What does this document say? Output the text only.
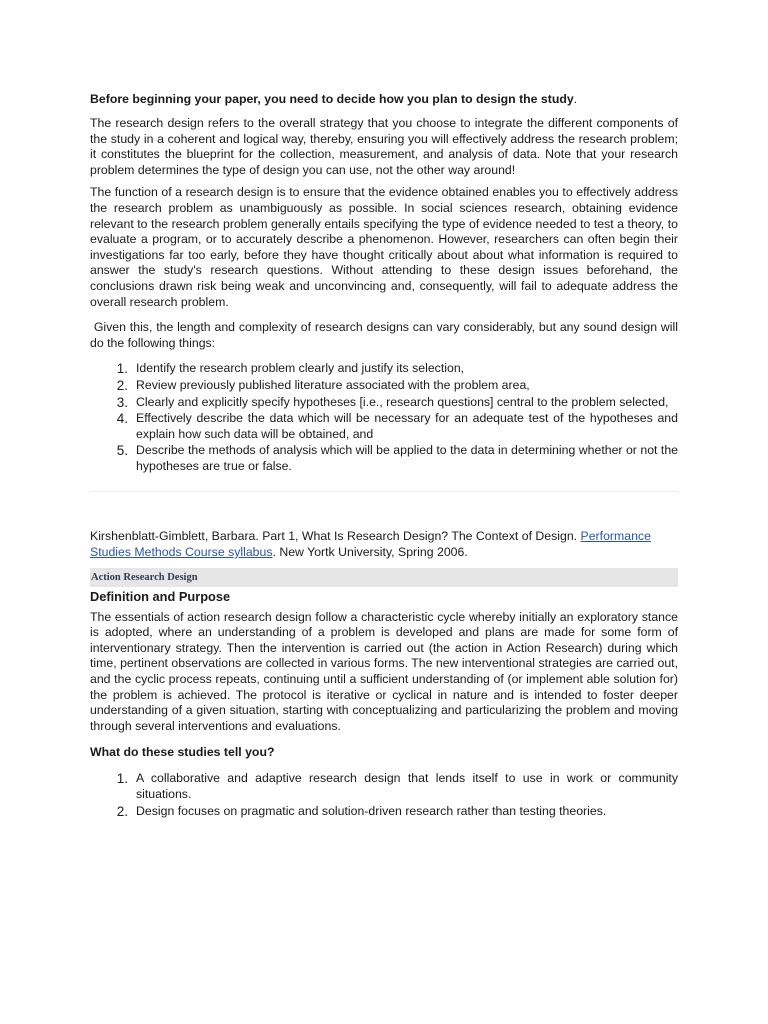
Before beginning your paper, you need to decide how you plan to design the study.

The research design refers to the overall strategy that you choose to integrate the different components of the study in a coherent and logical way, thereby, ensuring you will effectively address the research problem; it constitutes the blueprint for the collection, measurement, and analysis of data. Note that your research problem determines the type of design you can use, not the other way around!

The function of a research design is to ensure that the evidence obtained enables you to effectively address the research problem as unambiguously as possible. In social sciences research, obtaining evidence relevant to the research problem generally entails specifying the type of evidence needed to test a theory, to evaluate a program, or to accurately describe a phenomenon. However, researchers can often begin their investigations far too early, before they have thought critically about about what information is required to answer the study's research questions. Without attending to these design issues beforehand, the conclusions drawn risk being weak and unconvincing and, consequently, will fail to adequate address the overall research problem.

Given this, the length and complexity of research designs can vary considerably, but any sound design will do the following things:

1. Identify the research problem clearly and justify its selection,
2. Review previously published literature associated with the problem area,
3. Clearly and explicitly specify hypotheses [i.e., research questions] central to the problem selected,
4. Effectively describe the data which will be necessary for an adequate test of the hypotheses and explain how such data will be obtained, and
5. Describe the methods of analysis which will be applied to the data in determining whether or not the hypotheses are true or false.

Kirshenblatt-Gimblett, Barbara. Part 1, What Is Research Design? The Context of Design. Performance Studies Methods Course syllabus. New Yortk University, Spring 2006.

Action Research Design
Definition and Purpose

The essentials of action research design follow a characteristic cycle whereby initially an exploratory stance is adopted, where an understanding of a problem is developed and plans are made for some form of interventionary strategy. Then the intervention is carried out (the action in Action Research) during which time, pertinent observations are collected in various forms. The new interventional strategies are carried out, and the cyclic process repeats, continuing until a sufficient understanding of (or implement able solution for) the problem is achieved. The protocol is iterative or cyclical in nature and is intended to foster deeper understanding of a given situation, starting with conceptualizing and particularizing the problem and moving through several interventions and evaluations.

What do these studies tell you?
1. A collaborative and adaptive research design that lends itself to use in work or community situations.
2. Design focuses on pragmatic and solution-driven research rather than testing theories.
